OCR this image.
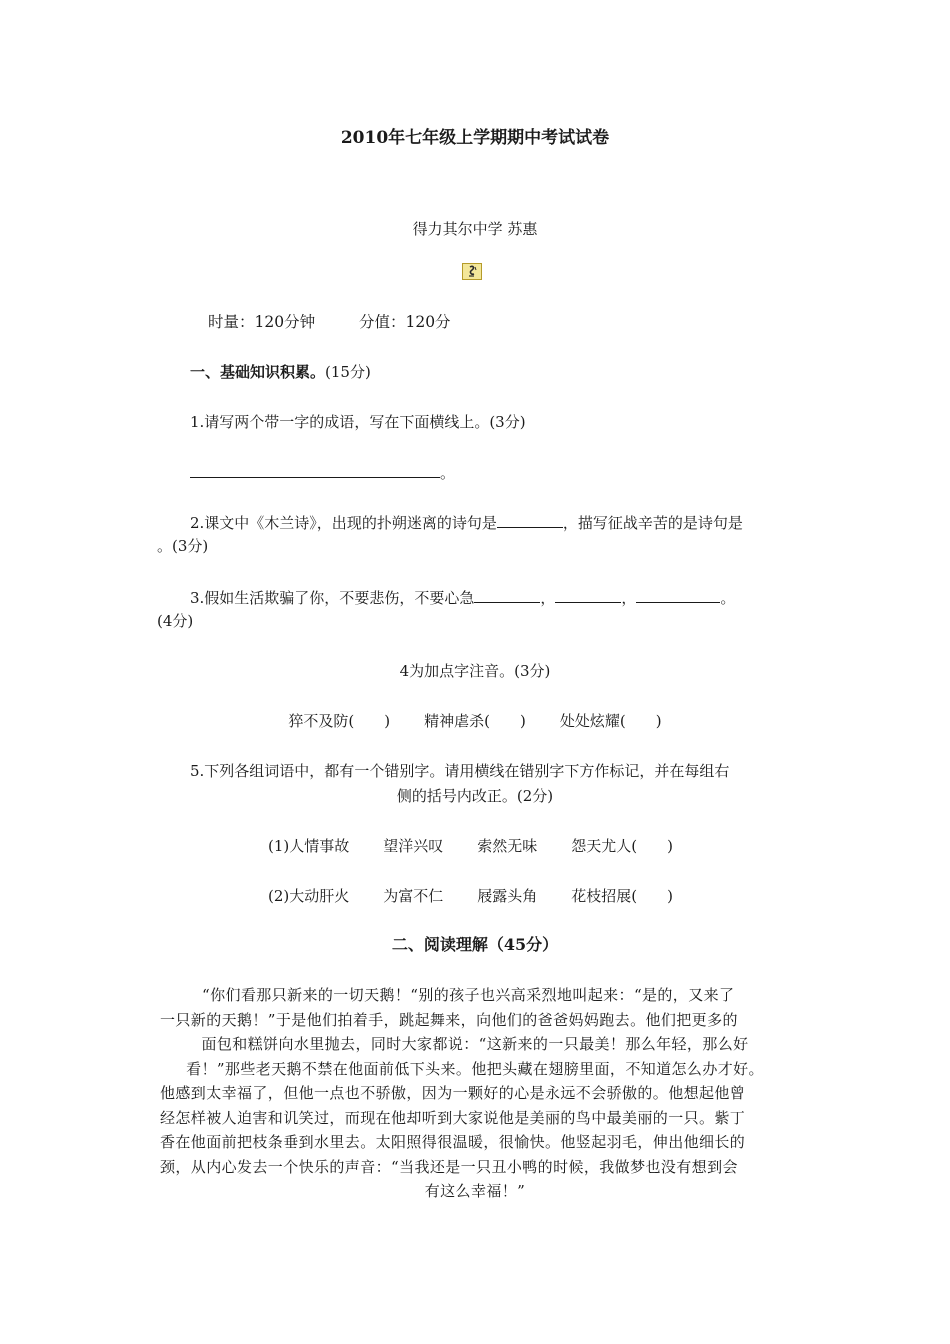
2010年七年级上学期期中考试试卷
得力其尔中学 苏惠
时量：120分钟	分值：120分
一、基础知识积累。(15分)
1.请写两个带一字的成语，写在下面横线上。(3分)
。
2.课文中《木兰诗》，出现的扑朔迷离的诗句是	，描写征战辛苦的是诗句是
。(3分)
3.假如生活欺骗了你，不要悲伤，不要心急	，	，	。
(4分)
4为加点字注音。(3分)
猝不及防(　　) 精神虐杀(　　) 处处炫耀(　　)
5.下列各组词语中，都有一个错别字。请用横线在错别字下方作标记，并在每组右
侧的括号内改正。(2分)
(1)人情事故 望洋兴叹 索然无味 怨天尤人(　　)
(2)大动肝火 为富不仁 屐露头角 花枝招展(　　)
二、阅读理解（45分）
“你们看那只新来的一切天鹅！“别的孩子也兴高采烈地叫起来：“是的，又来了
一只新的天鹅！”于是他们拍着手，跳起舞来，向他们的爸爸妈妈跑去。他们把更多的
面包和糕饼向水里抛去，同时大家都说：“这新来的一只最美！那么年轻，那么好
看！”那些老天鹅不禁在他面前低下头来。他把头藏在翅膀里面，不知道怎么办才好。
他感到太幸福了，但他一点也不骄傲，因为一颗好的心是永远不会骄傲的。他想起他曾
经怎样被人迫害和讥笑过，而现在他却听到大家说他是美丽的鸟中最美丽的一只。紫丁
香在他面前把枝条垂到水里去。太阳照得很温暖，很愉快。他竖起羽毛，伸出他细长的
颈，从内心发去一个快乐的声音：“当我还是一只丑小鸭的时候，我做梦也没有想到会
有这么幸福！”
